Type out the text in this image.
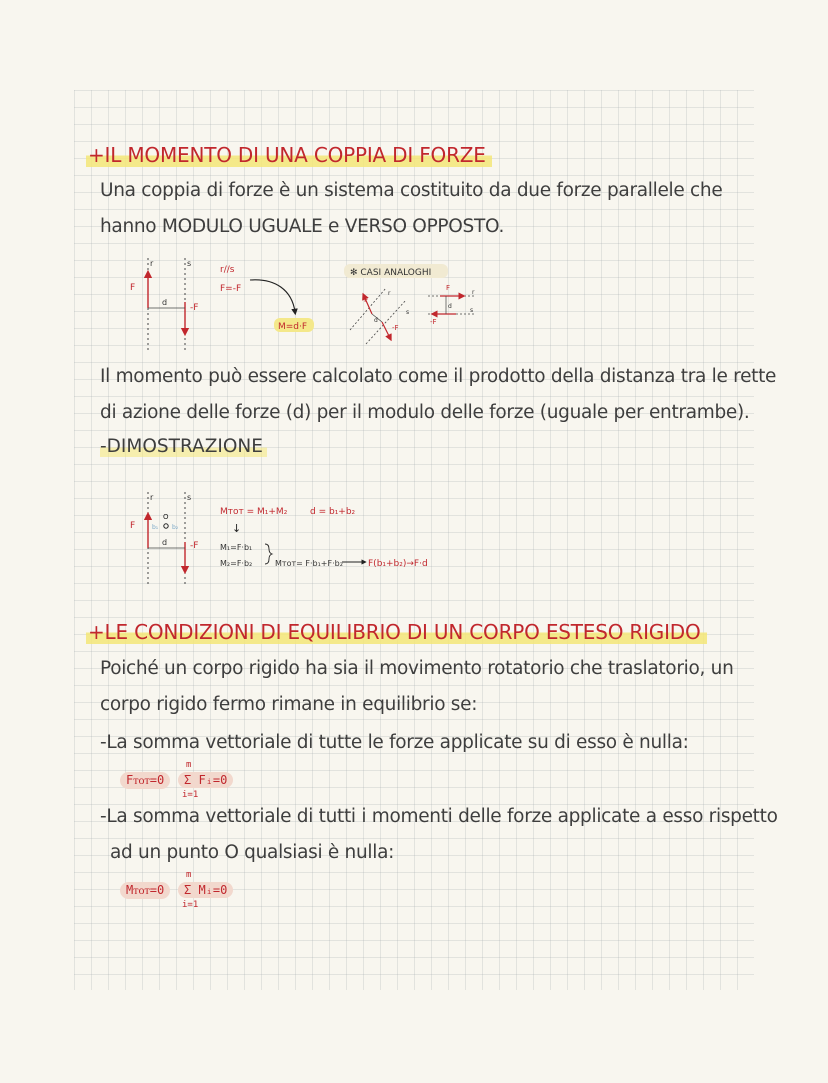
+IL MOMENTO DI UNA COPPIA DI FORZE
Una coppia di forze è un sistema costituito da due forze parallele che
hanno MODULO UGUALE e VERSO OPPOSTO.
r	s
F
-F
d
r//s
F=-F
M=d·F
✻ CASI ANALOGHI
F
-F
r
s
d
F
-F
d
r
s
Il momento può essere calcolato come il prodotto della distanza tra le rette
di azione delle forze (d) per il modulo delle forze (uguale per entrambe).
-DIMOSTRAZIONE
r	s
F
-F
O
b₁ b₂
d
Mᴛᴏᴛ = M₁+M₂	d = b₁+b₂
↓
M₁=F·b₁
M₂=F·b₂	Mᴛᴏᴛ= F·b₁+F·b₂	F(b₁+b₂)→F·d
+LE CONDIZIONI DI EQUILIBRIO DI UN CORPO ESTESO RIGIDO
Poiché un corpo rigido ha sia il movimento rotatorio che traslatorio, un
corpo rigido fermo rimane in equilibrio se:
-La somma vettoriale di tutte le forze applicate su di esso è nulla:
Fᴛᴏᴛ=0
m
Σ Fᵢ=0
i=1
-La somma vettoriale di tutti i momenti delle forze applicate a esso rispetto
ad un punto O qualsiasi è nulla:
Mᴛᴏᴛ=0
m
Σ Mᵢ=0
i=1
